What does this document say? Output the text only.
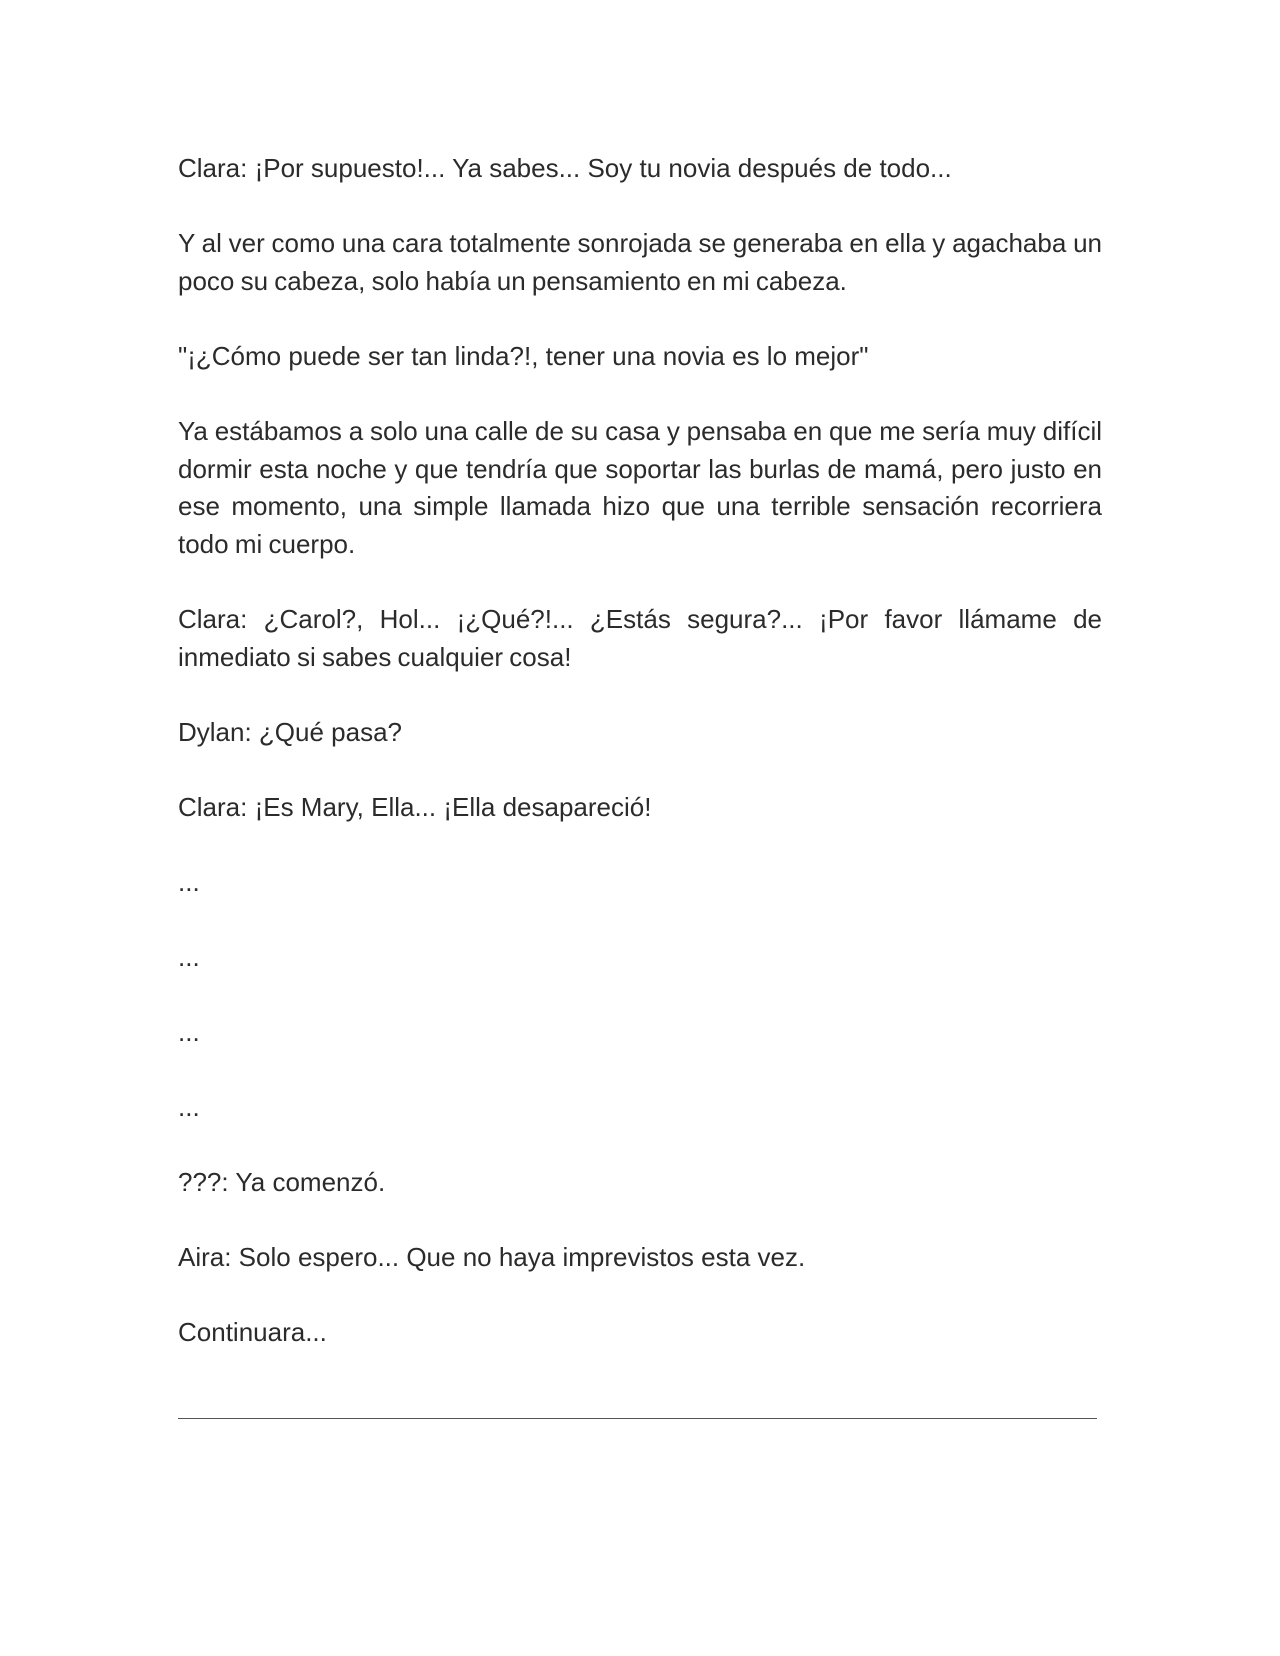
Clara: ¡Por supuesto!... Ya sabes... Soy tu novia después de todo...

Y al ver como una cara totalmente sonrojada se generaba en ella y agachaba un poco su cabeza, solo había un pensamiento en mi cabeza.

"¡¿Cómo puede ser tan linda?!, tener una novia es lo mejor"

Ya estábamos a solo una calle de su casa y pensaba en que me sería muy difícil dormir esta noche y que tendría que soportar las burlas de mamá, pero justo en ese momento, una simple llamada hizo que una terrible sensación recorriera todo mi cuerpo.

Clara: ¿Carol?, Hol... ¡¿Qué?!... ¿Estás segura?... ¡Por favor llámame de inmediato si sabes cualquier cosa!

Dylan: ¿Qué pasa?

Clara: ¡Es Mary, Ella... ¡Ella desapareció!

...

...

...

...

???: Ya comenzó.

Aira: Solo espero... Que no haya imprevistos esta vez.

Continuara...
